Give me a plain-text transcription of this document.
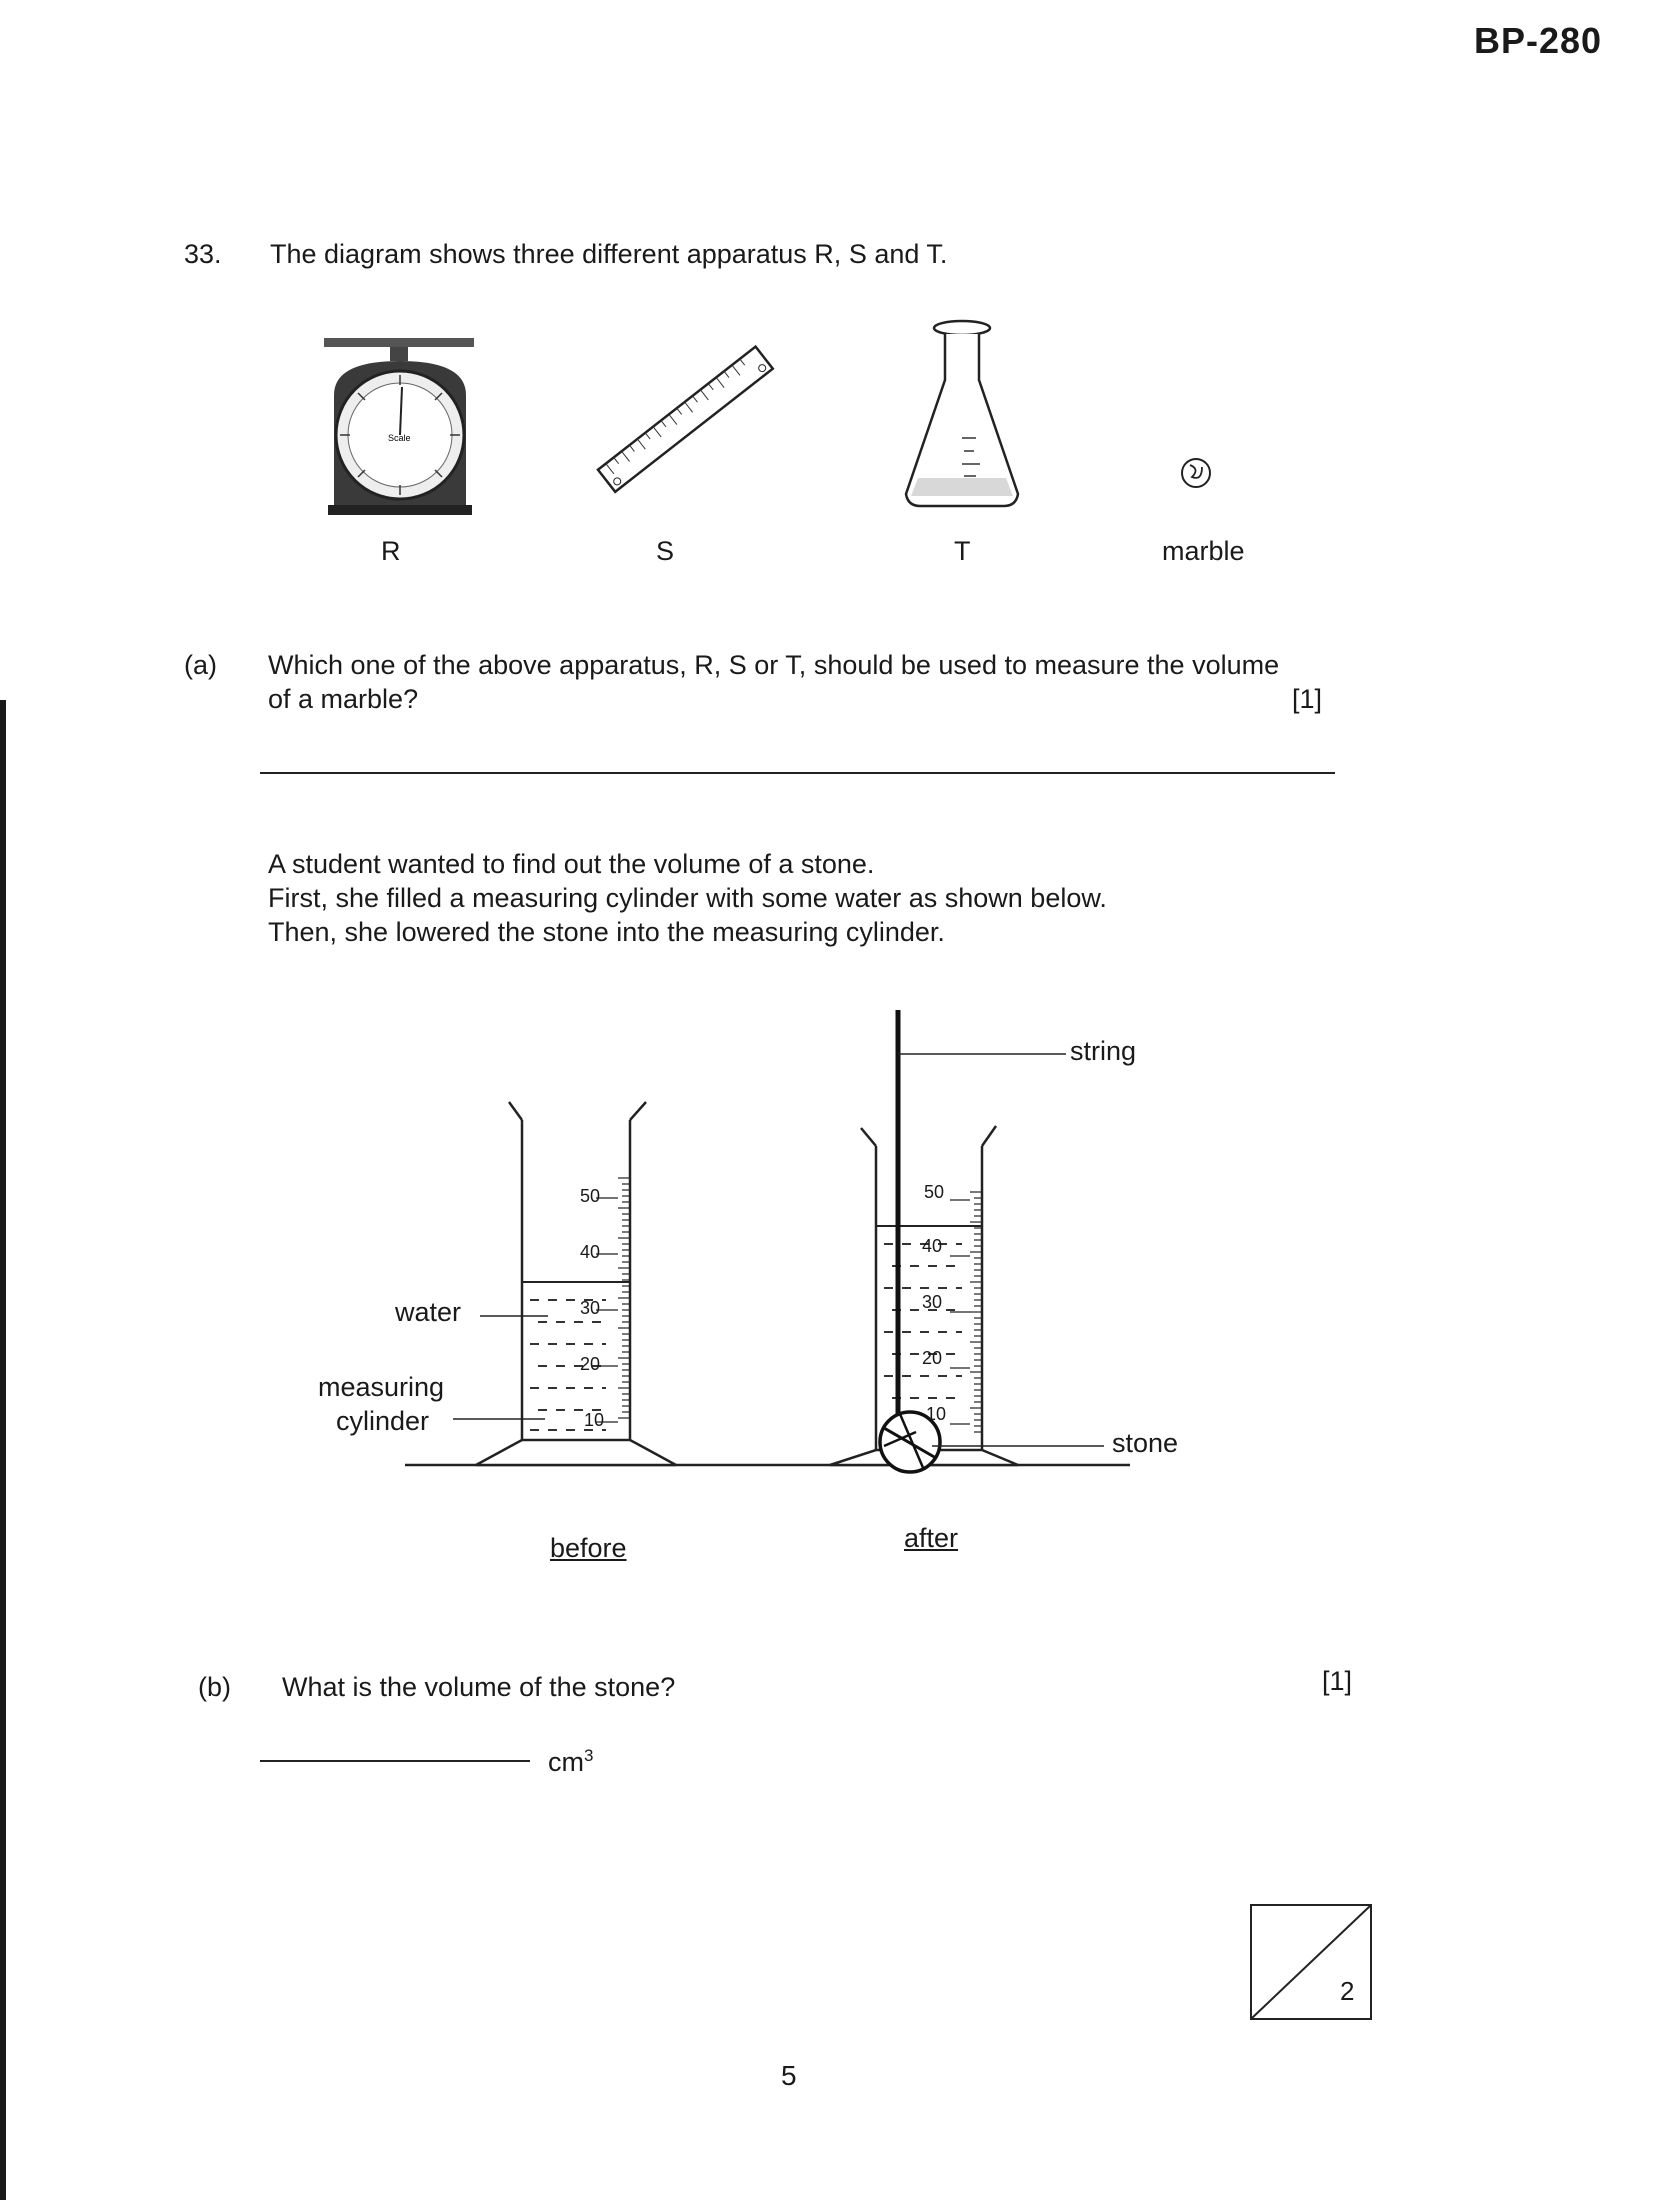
BP-280
33. The diagram shows three different apparatus R, S and T.
Scale
R	S	T	marble
(a) Which one of the above apparatus, R, S or T, should be used to measure the volume
of a marble?	[1]
A student wanted to find out the volume of a stone.
First, she filled a measuring cylinder with some water as shown below.
Then, she lowered the stone into the measuring cylinder.
50
40
30
20
10
50
40
30
20
10
water
measuring
cylinder
string
stone
before	after
(b) What is the volume of the stone?	[1]
$cm^3$
2
5
